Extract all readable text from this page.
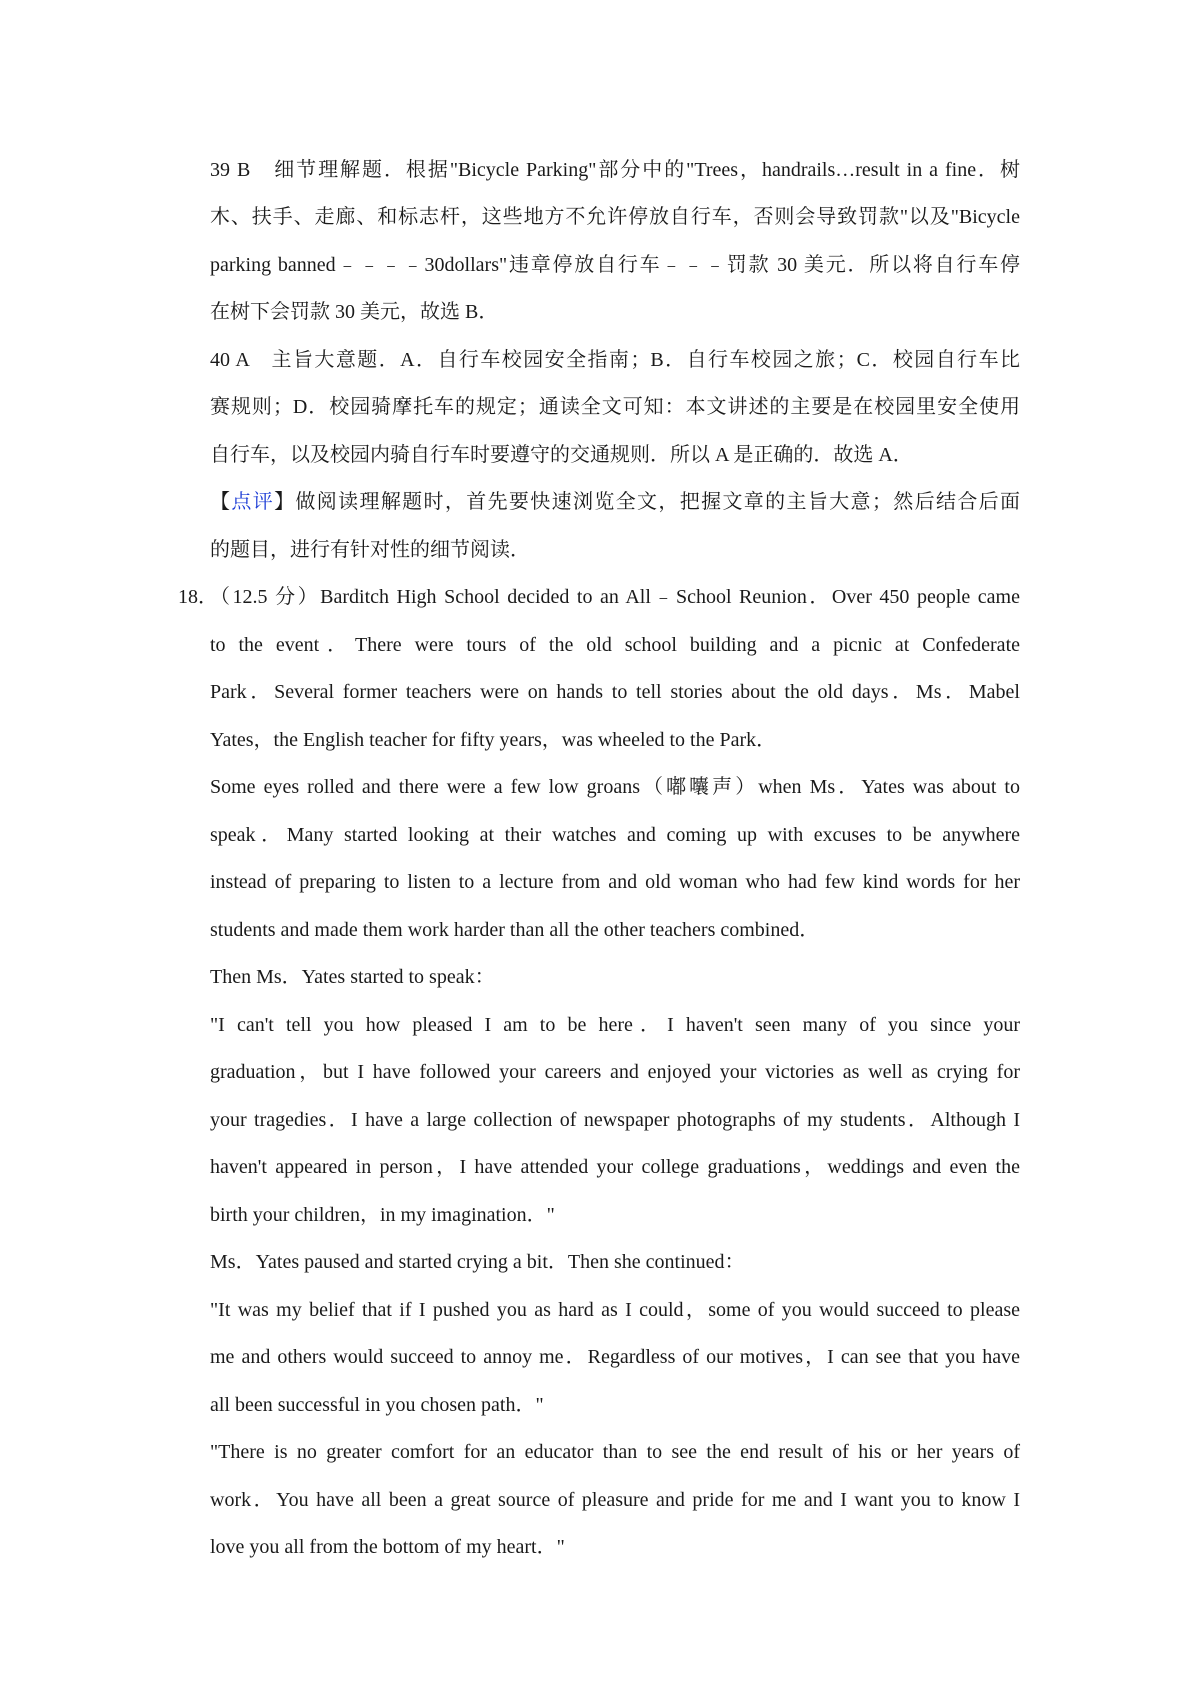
39 B　细节理解题．根据"Bicycle Parking"部分中的"Trees，handrails…result in a fine．树
木、扶手、走廊、和标志杆，这些地方不允许停放自行车，否则会导致罚款"以及"Bicycle
parking banned﹣﹣﹣﹣30dollars"违章停放自行车﹣﹣﹣罚款 30 美元．所以将自行车停
在树下会罚款 30 美元，故选 B．
40 A　主旨大意题．A．自行车校园安全指南；B．自行车校园之旅；C．校园自行车比
赛规则；D．校园骑摩托车的规定；通读全文可知：本文讲述的主要是在校园里安全使用
自行车，以及校园内骑自行车时要遵守的交通规则．所以 A 是正确的．故选 A．
【点评】做阅读理解题时，首先要快速浏览全文，把握文章的主旨大意；然后结合后面
的题目，进行有针对性的细节阅读．
18．
（12.5 分）Barditch High School decided to an All﹣School Reunion．Over 450 people came
to the event．There were tours of the old school building and a picnic at Confederate
Park．Several former teachers were on hands to tell stories about the old days．Ms．Mabel
Yates，the English teacher for fifty years，was wheeled to the Park．
Some eyes rolled and there were a few low groans（嘟囔声）when Ms．Yates was about to
speak．Many started looking at their watches and coming up with excuses to be anywhere
instead of preparing to listen to a lecture from and old woman who had few kind words for her
students and made them work harder than all the other teachers combined．
Then Ms．Yates started to speak：
"I can't tell you how pleased I am to be here．I haven't seen many of you since your
graduation，but I have followed your careers and enjoyed your victories as well as crying for
your tragedies．I have a large collection of newspaper photographs of my students．Although I
haven't appeared in person，I have attended your college graduations，weddings and even the
birth your children，in my imagination．"
Ms．Yates paused and started crying a bit．Then she continued：
"It was my belief that if I pushed you as hard as I could，some of you would succeed to please
me and others would succeed to annoy me．Regardless of our motives，I can see that you have
all been successful in you chosen path．"
"There is no greater comfort for an educator than to see the end result of his or her years of
work．You have all been a great source of pleasure and pride for me and I want you to know I
love you all from the bottom of my heart．"
